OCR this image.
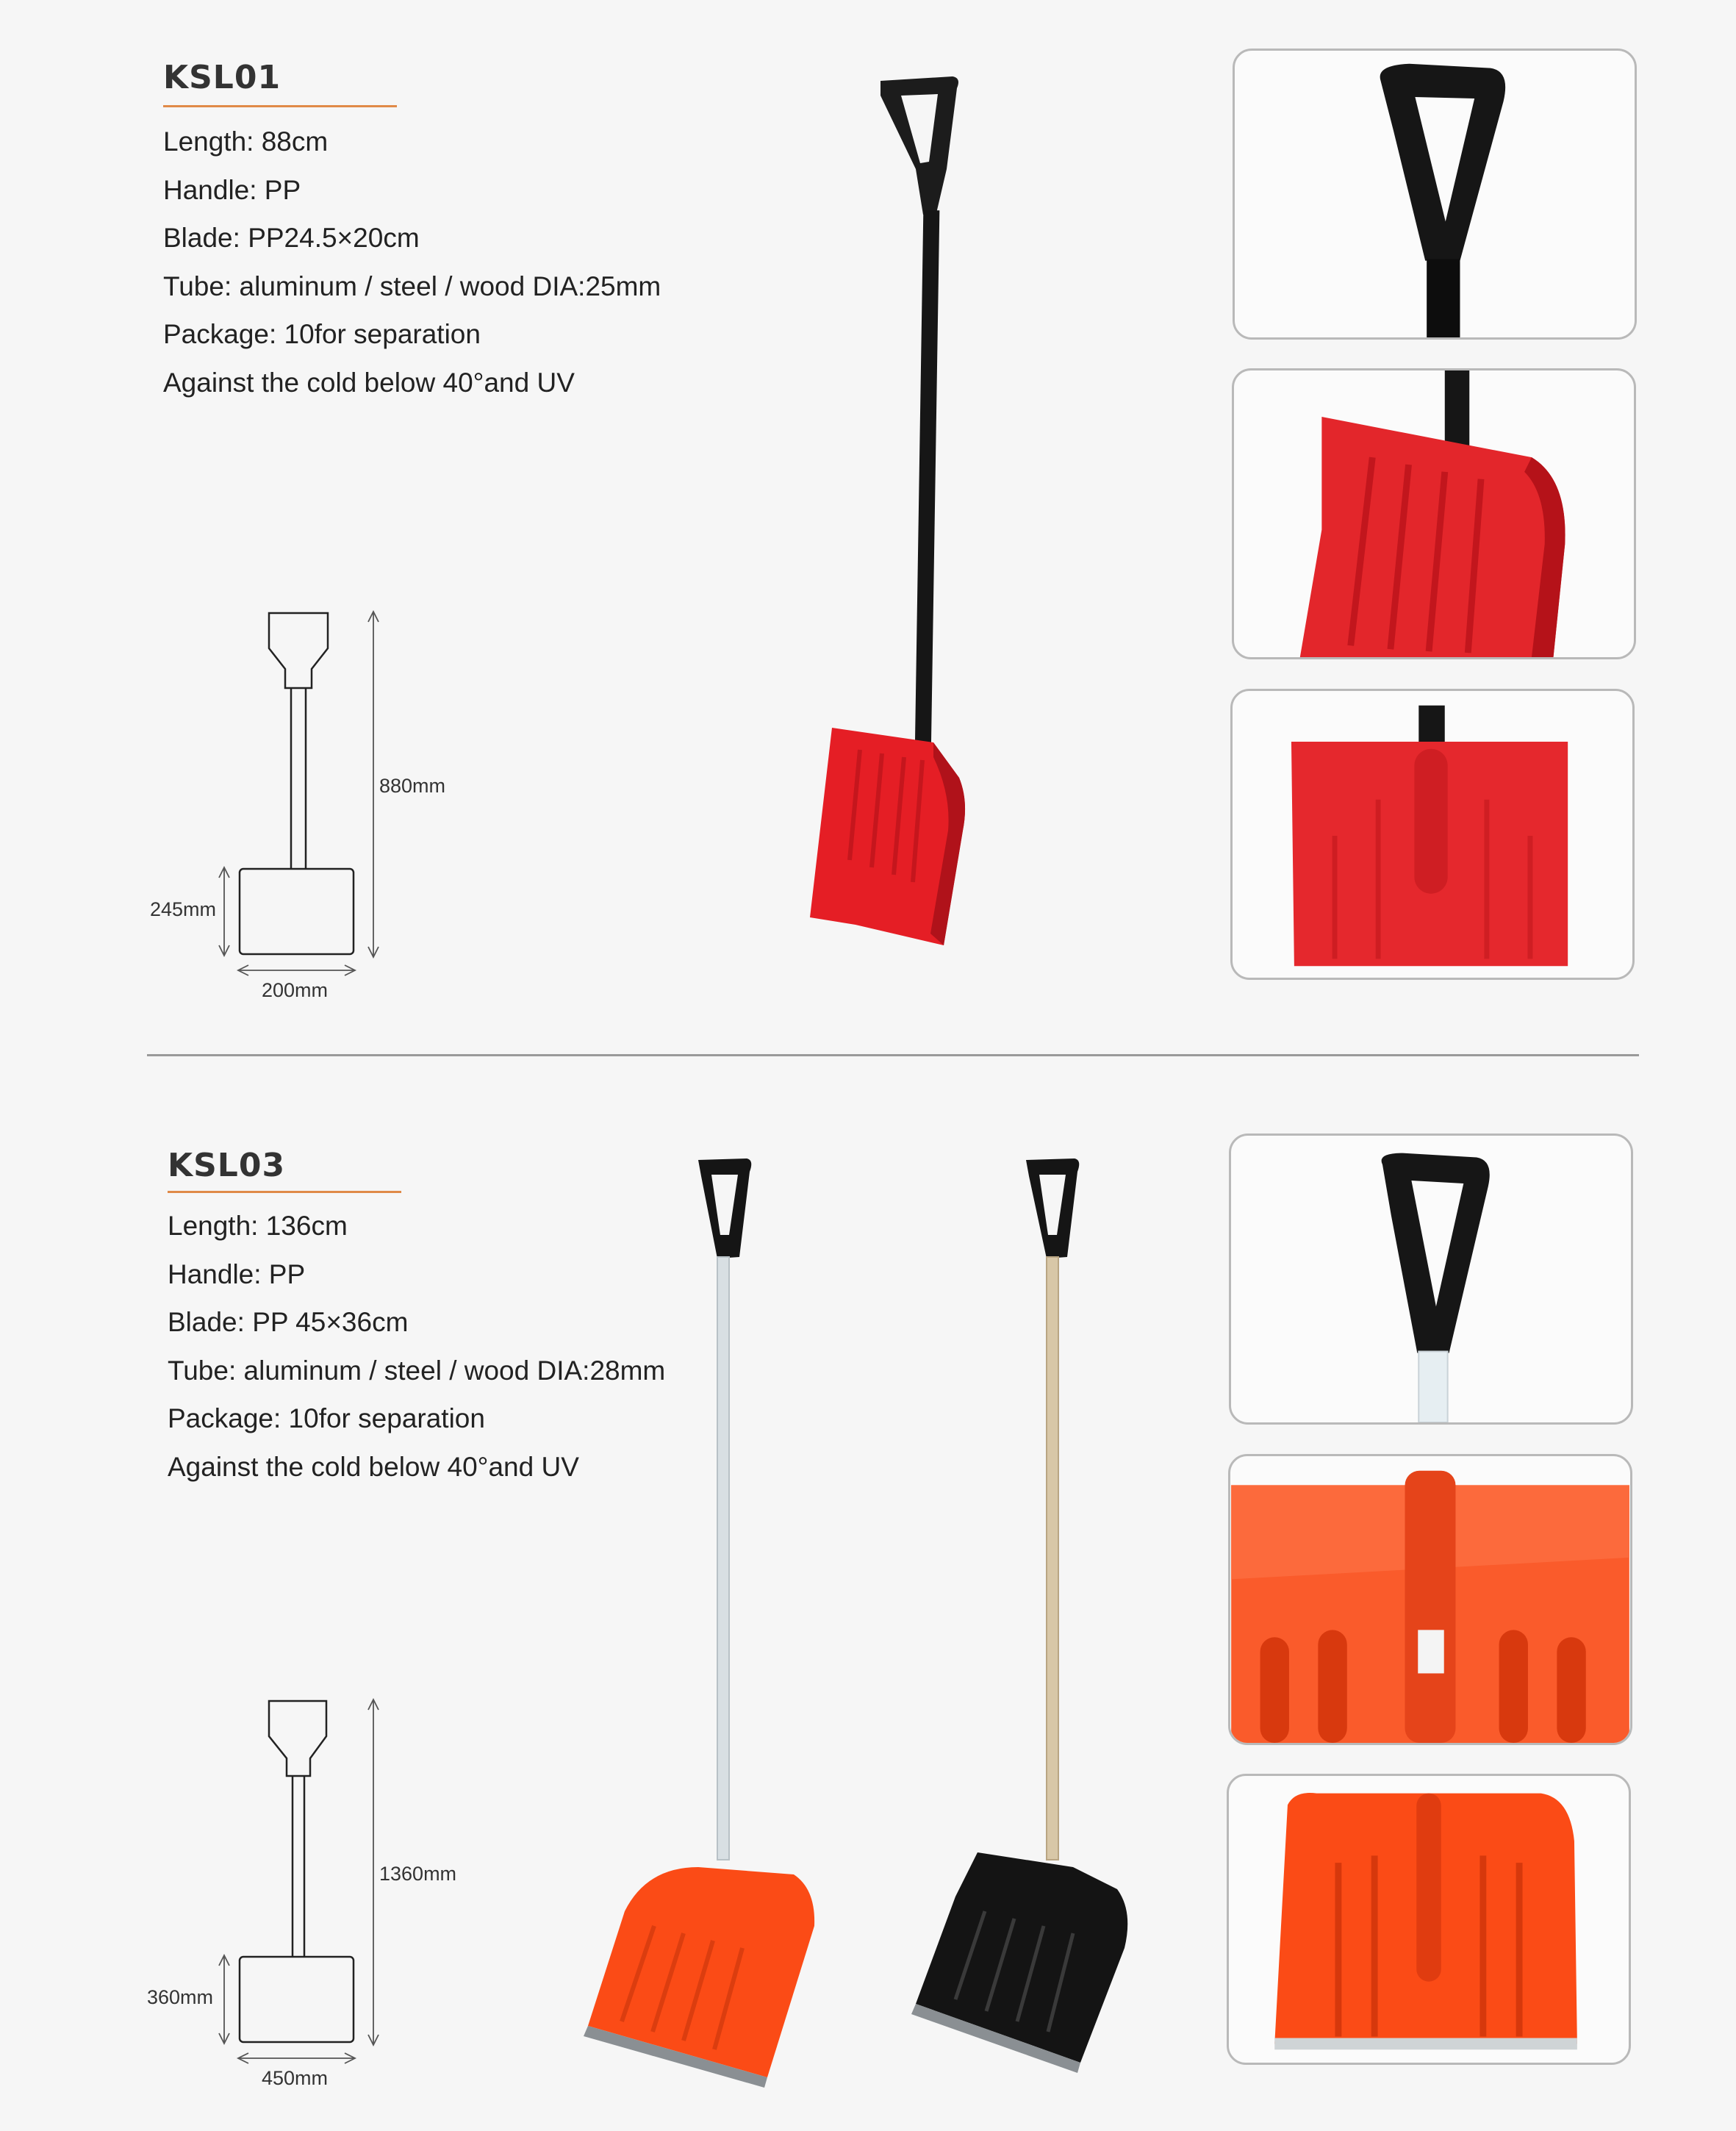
KSL01
Length: 88cm
Handle: PP
Blade: PP24.5×20cm
Tube: aluminum / steel / wood DIA:25mm
Package: 10for separation
Against the cold below 40°and UV
880mm
245mm
200mm
KSL03
Length: 136cm
Handle: PP
Blade: PP 45×36cm
Tube: aluminum / steel / wood DIA:28mm
Package: 10for separation
Against the cold below 40°and UV
1360mm
360mm
450mm
